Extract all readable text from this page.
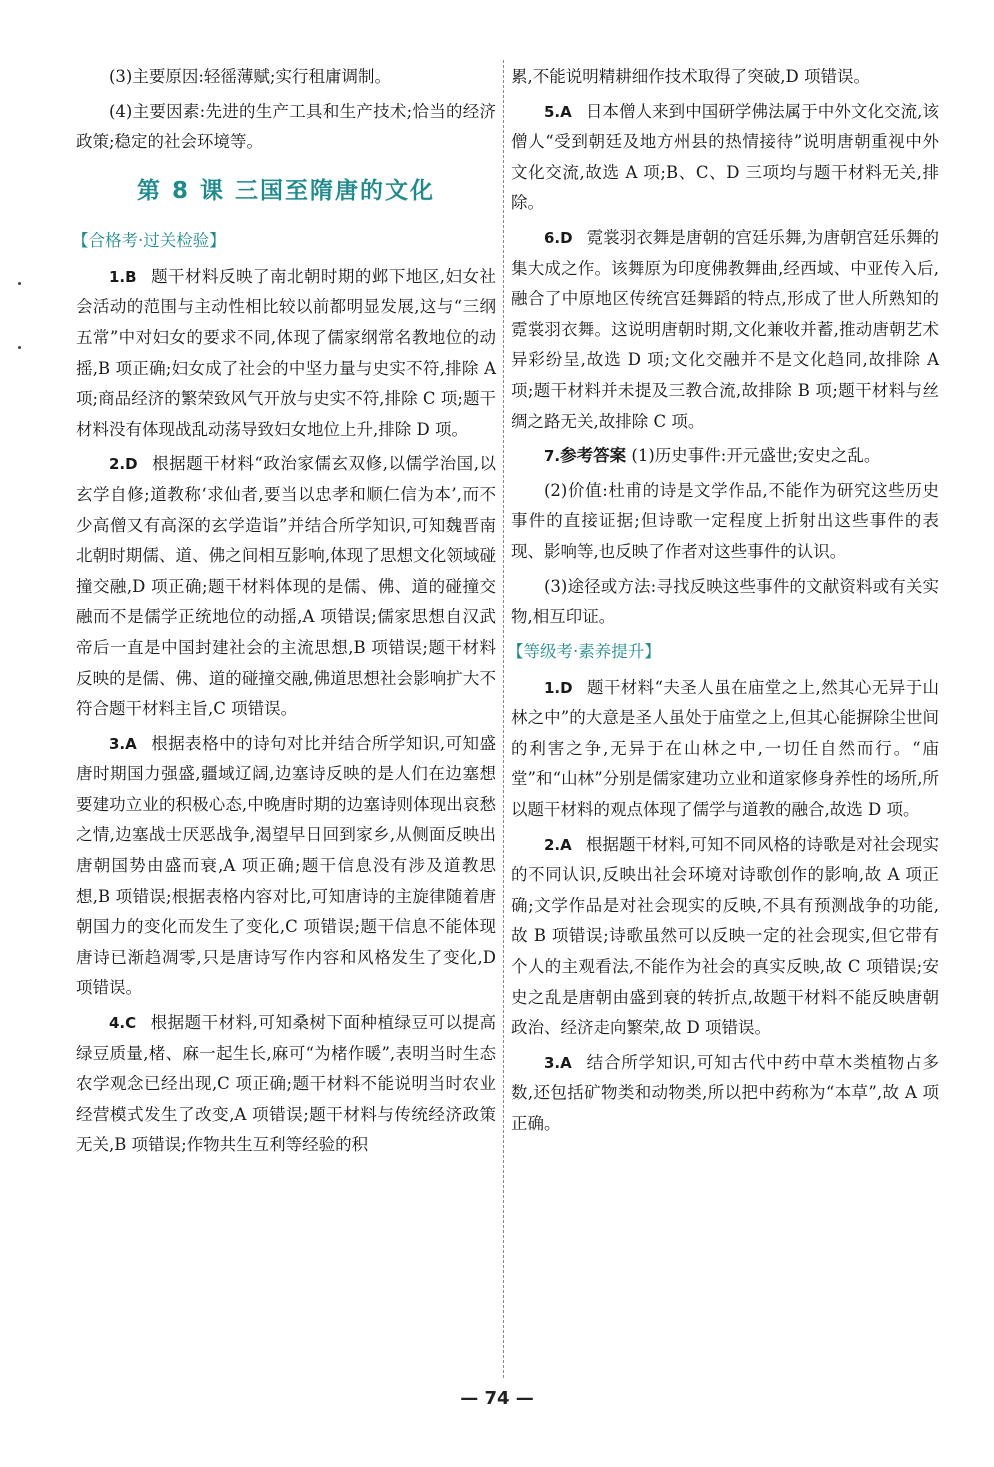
(3)主要原因:轻徭薄赋;实行租庸调制。

(4)主要因素:先进的生产工具和生产技术;恰当的经济政策;稳定的社会环境等。

第 8 课 三国至隋唐的文化
【合格考·过关检验】

1.B 题干材料反映了南北朝时期的邺下地区,妇女社会活动的范围与主动性相比较以前都明显发展,这与“三纲五常”中对妇女的要求不同,体现了儒家纲常名教地位的动摇,B 项正确;妇女成了社会的中坚力量与史实不符,排除 A 项;商品经济的繁荣致风气开放与史实不符,排除 C 项;题干材料没有体现战乱动荡导致妇女地位上升,排除 D 项。

2.D 根据题干材料“政治家儒玄双修,以儒学治国,以玄学自修;道教称‘求仙者,要当以忠孝和顺仁信为本’,而不少高僧又有高深的玄学造诣”并结合所学知识,可知魏晋南北朝时期儒、道、佛之间相互影响,体现了思想文化领域碰撞交融,D 项正确;题干材料体现的是儒、佛、道的碰撞交融而不是儒学正统地位的动摇,A 项错误;儒家思想自汉武帝后一直是中国封建社会的主流思想,B 项错误;题干材料反映的是儒、佛、道的碰撞交融,佛道思想社会影响扩大不符合题干材料主旨,C 项错误。

3.A 根据表格中的诗句对比并结合所学知识,可知盛唐时期国力强盛,疆域辽阔,边塞诗反映的是人们在边塞想要建功立业的积极心态,中晚唐时期的边塞诗则体现出哀愁之情,边塞战士厌恶战争,渴望早日回到家乡,从侧面反映出唐朝国势由盛而衰,A 项正确;题干信息没有涉及道教思想,B 项错误;根据表格内容对比,可知唐诗的主旋律随着唐朝国力的变化而发生了变化,C 项错误;题干信息不能体现唐诗已渐趋凋零,只是唐诗写作内容和风格发生了变化,D 项错误。

4.C 根据题干材料,可知桑树下面种植绿豆可以提高绿豆质量,楮、麻一起生长,麻可“为楮作暖”,表明当时生态农学观念已经出现,C 项正确;题干材料不能说明当时农业经营模式发生了改变,A 项错误;题干材料与传统经济政策无关,B 项错误;作物共生互利等经验的积

累,不能说明精耕细作技术取得了突破,D 项错误。

5.A 日本僧人来到中国研学佛法属于中外文化交流,该僧人“受到朝廷及地方州县的热情接待”说明唐朝重视中外文化交流,故选 A 项;B、C、D 三项均与题干材料无关,排除。

6.D 霓裳羽衣舞是唐朝的宫廷乐舞,为唐朝宫廷乐舞的集大成之作。该舞原为印度佛教舞曲,经西域、中亚传入后,融合了中原地区传统宫廷舞蹈的特点,形成了世人所熟知的霓裳羽衣舞。这说明唐朝时期,文化兼收并蓄,推动唐朝艺术异彩纷呈,故选 D 项;文化交融并不是文化趋同,故排除 A 项;题干材料并未提及三教合流,故排除 B 项;题干材料与丝绸之路无关,故排除 C 项。

7.参考答案 (1)历史事件:开元盛世;安史之乱。

(2)价值:杜甫的诗是文学作品,不能作为研究这些历史事件的直接证据;但诗歌一定程度上折射出这些事件的表现、影响等,也反映了作者对这些事件的认识。

(3)途径或方法:寻找反映这些事件的文献资料或有关实物,相互印证。

【等级考·素养提升】

1.D 题干材料“夫圣人虽在庙堂之上,然其心无异于山林之中”的大意是圣人虽处于庙堂之上,但其心能摒除尘世间的利害之争,无异于在山林之中,一切任自然而行。“庙堂”和“山林”分别是儒家建功立业和道家修身养性的场所,所以题干材料的观点体现了儒学与道教的融合,故选 D 项。

2.A 根据题干材料,可知不同风格的诗歌是对社会现实的不同认识,反映出社会环境对诗歌创作的影响,故 A 项正确;文学作品是对社会现实的反映,不具有预测战争的功能,故 B 项错误;诗歌虽然可以反映一定的社会现实,但它带有个人的主观看法,不能作为社会的真实反映,故 C 项错误;安史之乱是唐朝由盛到衰的转折点,故题干材料不能反映唐朝政治、经济走向繁荣,故 D 项错误。

3.A 结合所学知识,可知古代中药中草木类植物占多数,还包括矿物类和动物类,所以把中药称为“本草”,故 A 项正确。

— 74 —
